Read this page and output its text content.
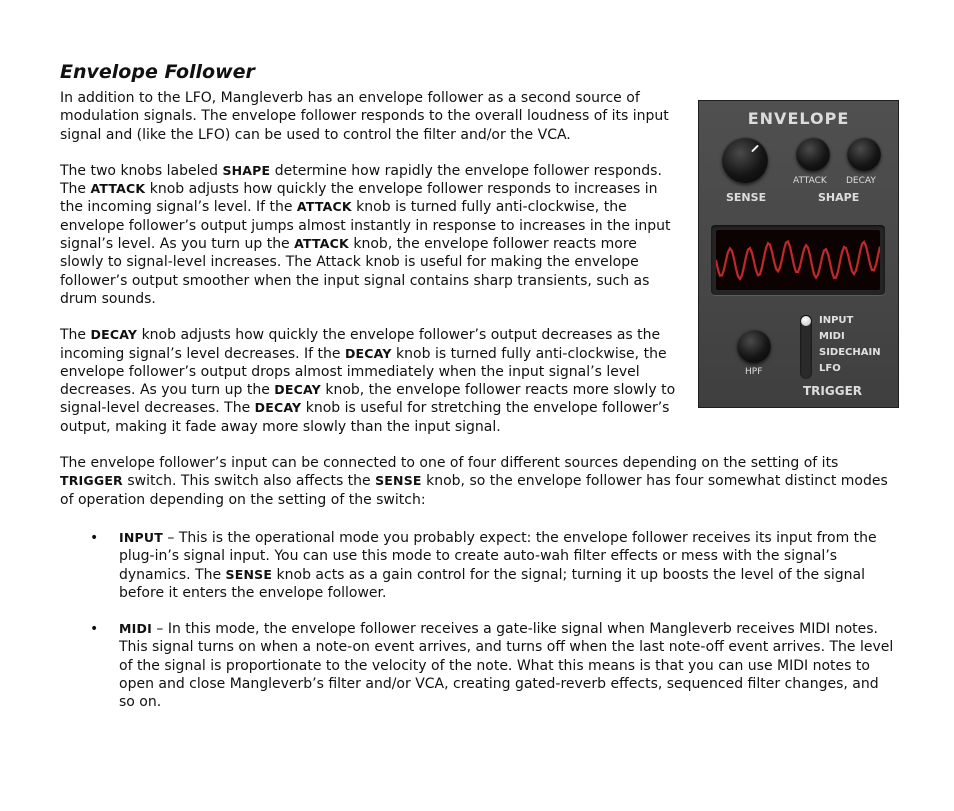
Envelope Follower
ENVELOPE
SENSE
ATTACK DECAY
SHAPE
HPF
INPUT
MIDI
SIDECHAIN
LFO
TRIGGER

In addition to the LFO, Mangleverb has an envelope follower as a second source of modulation signals. The envelope follower responds to the overall loudness of its input signal and (like the LFO) can be used to control the filter and/or the VCA.

The two knobs labeled SHAPE determine how rapidly the envelope follower responds. The ATTACK knob adjusts how quickly the envelope follower responds to increases in the incoming signal’s level. If the ATTACK knob is turned fully anti-clockwise, the envelope follower’s output jumps almost instantly in response to increases in the input signal’s level. As you turn up the ATTACK knob, the envelope follower reacts more slowly to signal-level increases. The Attack knob is useful for making the envelope follower’s output smoother when the input signal contains sharp transients, such as drum sounds.

The DECAY knob adjusts how quickly the envelope follower’s output decreases as the incoming signal’s level decreases. If the DECAY knob is turned fully anti-clockwise, the envelope follower’s output drops almost immediately when the input signal’s level decreases. As you turn up the DECAY knob, the envelope follower reacts more slowly to signal-level decreases. The DECAY knob is useful for stretching the envelope follower’s output, making it fade away more slowly than the input signal.

The envelope follower’s input can be connected to one of four different sources depending on the setting of its TRIGGER switch. This switch also affects the SENSE knob, so the envelope follower has four somewhat distinct modes of operation depending on the setting of the switch:

• INPUT – This is the operational mode you probably expect: the envelope follower receives its input from the plug-in’s signal input. You can use this mode to create auto-wah filter effects or mess with the signal’s dynamics. The SENSE knob acts as a gain control for the signal; turning it up boosts the level of the signal before it enters the envelope follower.
• MIDI – In this mode, the envelope follower receives a gate-like signal when Mangleverb receives MIDI notes. This signal turns on when a note-on event arrives, and turns off when the last note-off event arrives. The level of the signal is proportionate to the velocity of the note. What this means is that you can use MIDI notes to open and close Mangleverb’s filter and/or VCA, creating gated-reverb effects, sequenced filter changes, and so on.
